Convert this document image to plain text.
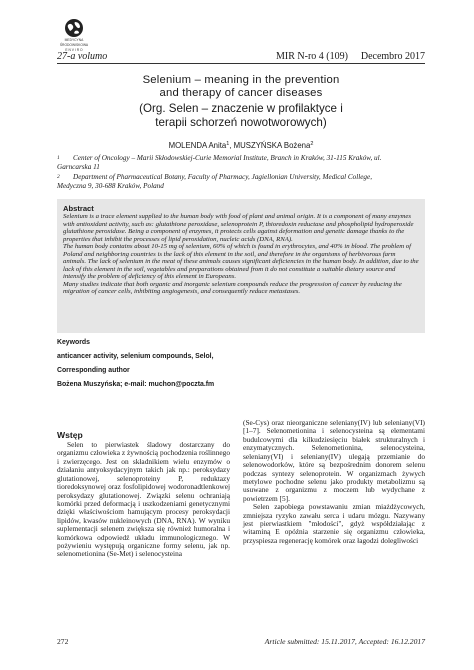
MEDYCYNA
ŚRODOWISKOWA
E N V I R O
27-a volumo	MIR N-ro 4 (109) Decembro 2017
Selenium – meaning in the prevention
and therapy of cancer diseases
(Org. Selen – znaczenie w profilaktyce i
terapii schorzeń nowotworowych)
MOLENDA Anita$^1$, MUSZYŃSKA Bożena$^2$
1	Center of Oncology – Marii Skłodowskiej-Curie Memorial Institute, Branch in Kraków, 31-115 Kraków, ul.
Garncarska 11
2	Department of Pharmaceutical Botany, Faculty of Pharmacy, Jagiellonian University, Medical College,
Medyczna 9, 30-688 Kraków, Poland
Abstract

Selenium is a trace element supplied to the human body with food of plant and animal origin. It is a component of many enzymes with antioxidant activity, such as: glutathione peroxidase, selenoprotein P, thioredoxin reductase and phospholipid hydroperoxide glutathione peroxidase. Being a component of enzymes, it protects cells against deformation and genetic damage thanks to the properties that inhibit the processes of lipid peroxidation, nucleic acids (DNA, RNA).

The human body contains about 10-15 mg of selenium, 60% of which is found in erythrocytes, and 40% in blood. The problem of Poland and neighboring countries is the lack of this element in the soil, and therefore in the organisms of herbivorous farm animals. The lack of selenium in the meat of these animals causes significant deficiencies in the human body. In addition, due to the lack of this element in the soil, vegetables and preparations obtained from it do not constitute a suitable dietary source and intensify the problem of deficiency of this element in Europeans.

Many studies indicate that both organic and inorganic selenium compounds reduce the progression of cancer by reducing the migration of cancer cells, inhibiting angiogenesis, and consequently reduce metastases.

Keywords
anticancer activity, selenium compounds, Selol,
Corresponding author
Bożena Muszyńska; e-mail: muchon@poczta.fm
Wstęp

Selen to pierwiastek śladowy dostarczany do organizmu człowieka z żywnością pochodzenia roślinnego i zwierzęcego. Jest on składnikiem wielu enzymów o działaniu antyoksydacyjnym takich jak np.: peroksydazy glutationowej, selenoproteiny P, reduktazy tioredoksynowej oraz fosfolipidowej wodoronadtlenkowej peroksydazy glutationowej. Związki selenu ochraniają komórki przed deformacją i uszkodzeniami genetycznymi dzięki właściwościom hamującym procesy peroksydacji lipidów, kwasów nukleinowych (DNA, RNA). W wyniku suplementacji selenem zwiększa się również humoralna i komórkowa odpowiedź układu immunologicznego. W pożywieniu występują organiczne formy selenu, jak np. selenometionina (Se-Met) i selenocysteina

(Se-Cys) oraz nieorganiczne seleniany(IV) lub seleniany(VI) [1–7]. Selenometionina i selenocysteina są elementami budulcowymi dla kilkudziesięciu białek strukturalnych i enzymatycznych. Selenometionina, selenocysteina, seleniany(VI) i seleniany(IV) ulegają przemianie do selenowodorków, które są bezpośrednim donorem selenu podczas syntezy selenoprotein. W organizmach żywych metylowe pochodne selenu jako produkty metabolizmu są usuwane z organizmu z moczem lub wydychane z powietrzem [5].

Selen zapobiega powstawaniu zmian miażdżycowych, zmniejsza ryzyko zawału serca i udaru mózgu. Nazywany jest pierwiastkiem "młodości", gdyż współdziałając z witaminą E opóźnia starzenie się organizmu człowieka, przyspiesza regenerację komórek oraz łagodzi dolegliwości

272	Article submitted: 15.11.2017, Accepted: 16.12.2017
